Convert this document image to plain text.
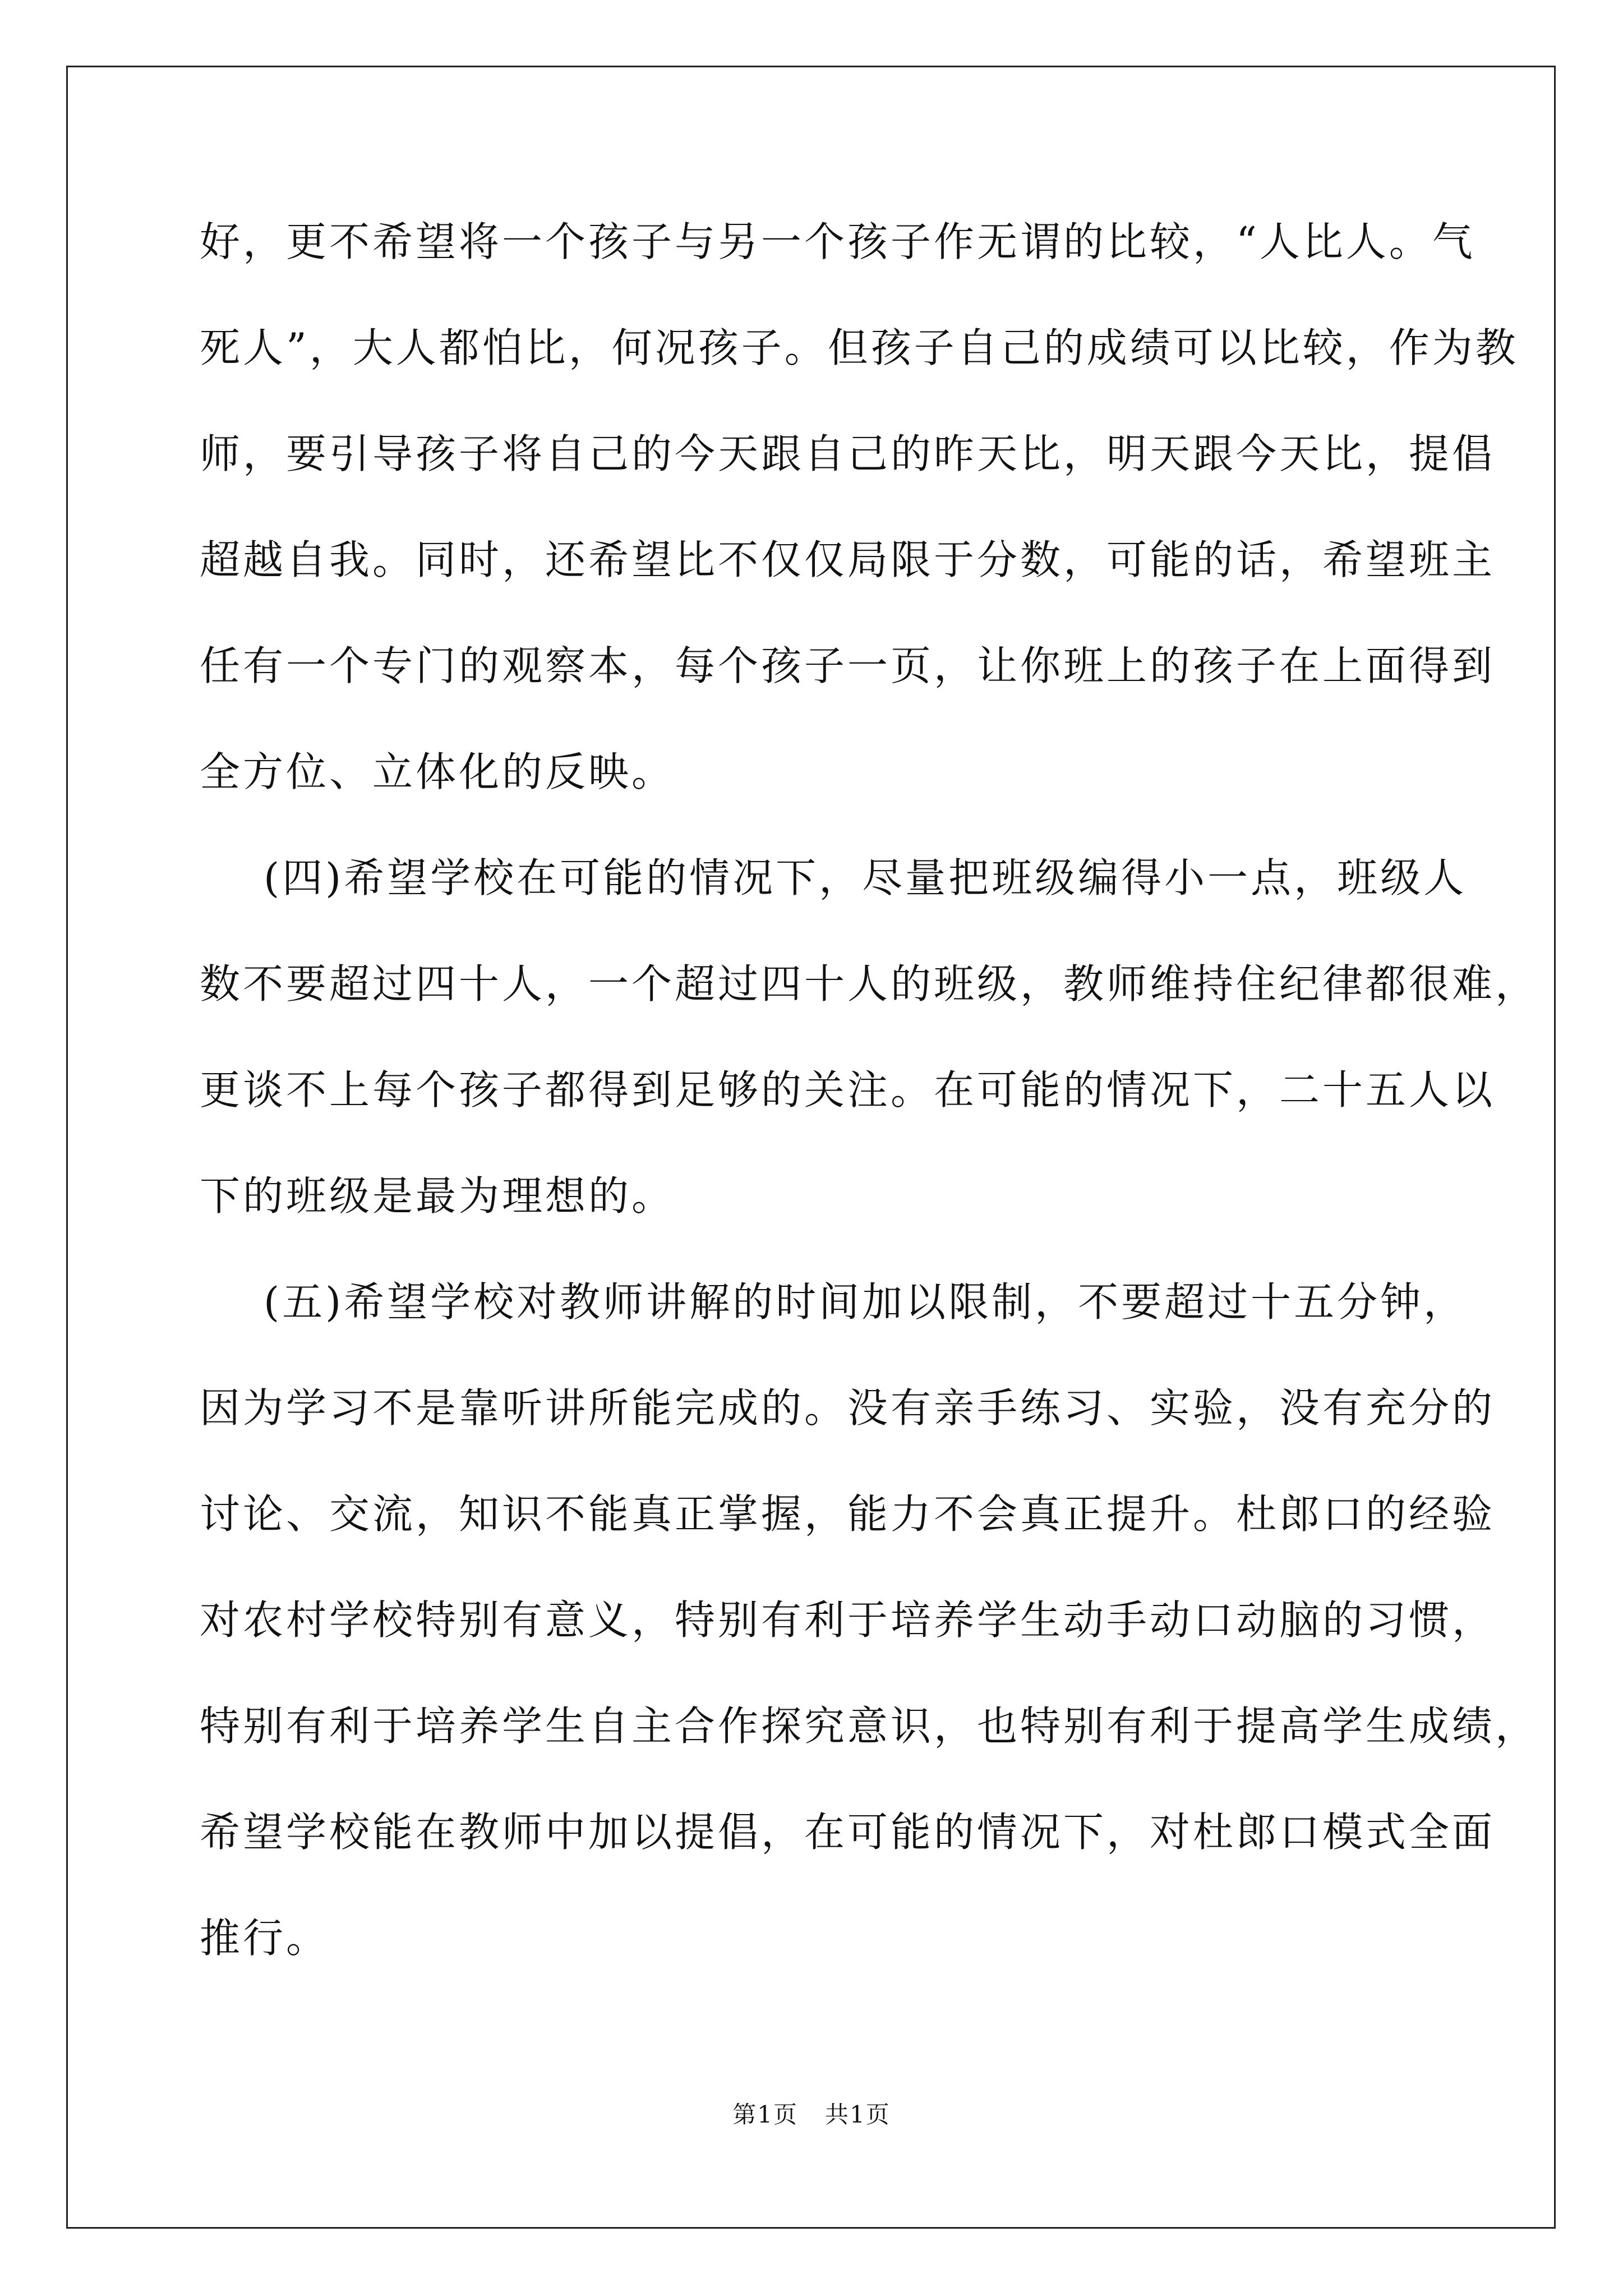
好，更不希望将一个孩子与另一个孩子作无谓的比较，“人比人。气
死人”，大人都怕比，何况孩子。但孩子自己的成绩可以比较，作为教
师，要引导孩子将自己的今天跟自己的昨天比，明天跟今天比，提倡
超越自我。同时，还希望比不仅仅局限于分数，可能的话，希望班主
任有一个专门的观察本，每个孩子一页，让你班上的孩子在上面得到
全方位、立体化的反映。
(四)希望学校在可能的情况下，尽量把班级编得小一点，班级人
数不要超过四十人，一个超过四十人的班级，教师维持住纪律都很难，
更谈不上每个孩子都得到足够的关注。在可能的情况下，二十五人以
下的班级是最为理想的。
(五)希望学校对教师讲解的时间加以限制，不要超过十五分钟，
因为学习不是靠听讲所能完成的。没有亲手练习、实验，没有充分的
讨论、交流，知识不能真正掌握，能力不会真正提升。杜郎口的经验
对农村学校特别有意义，特别有利于培养学生动手动口动脑的习惯，
特别有利于培养学生自主合作探究意识，也特别有利于提高学生成绩，
希望学校能在教师中加以提倡，在可能的情况下，对杜郎口模式全面
推行。
第1页 共1页
